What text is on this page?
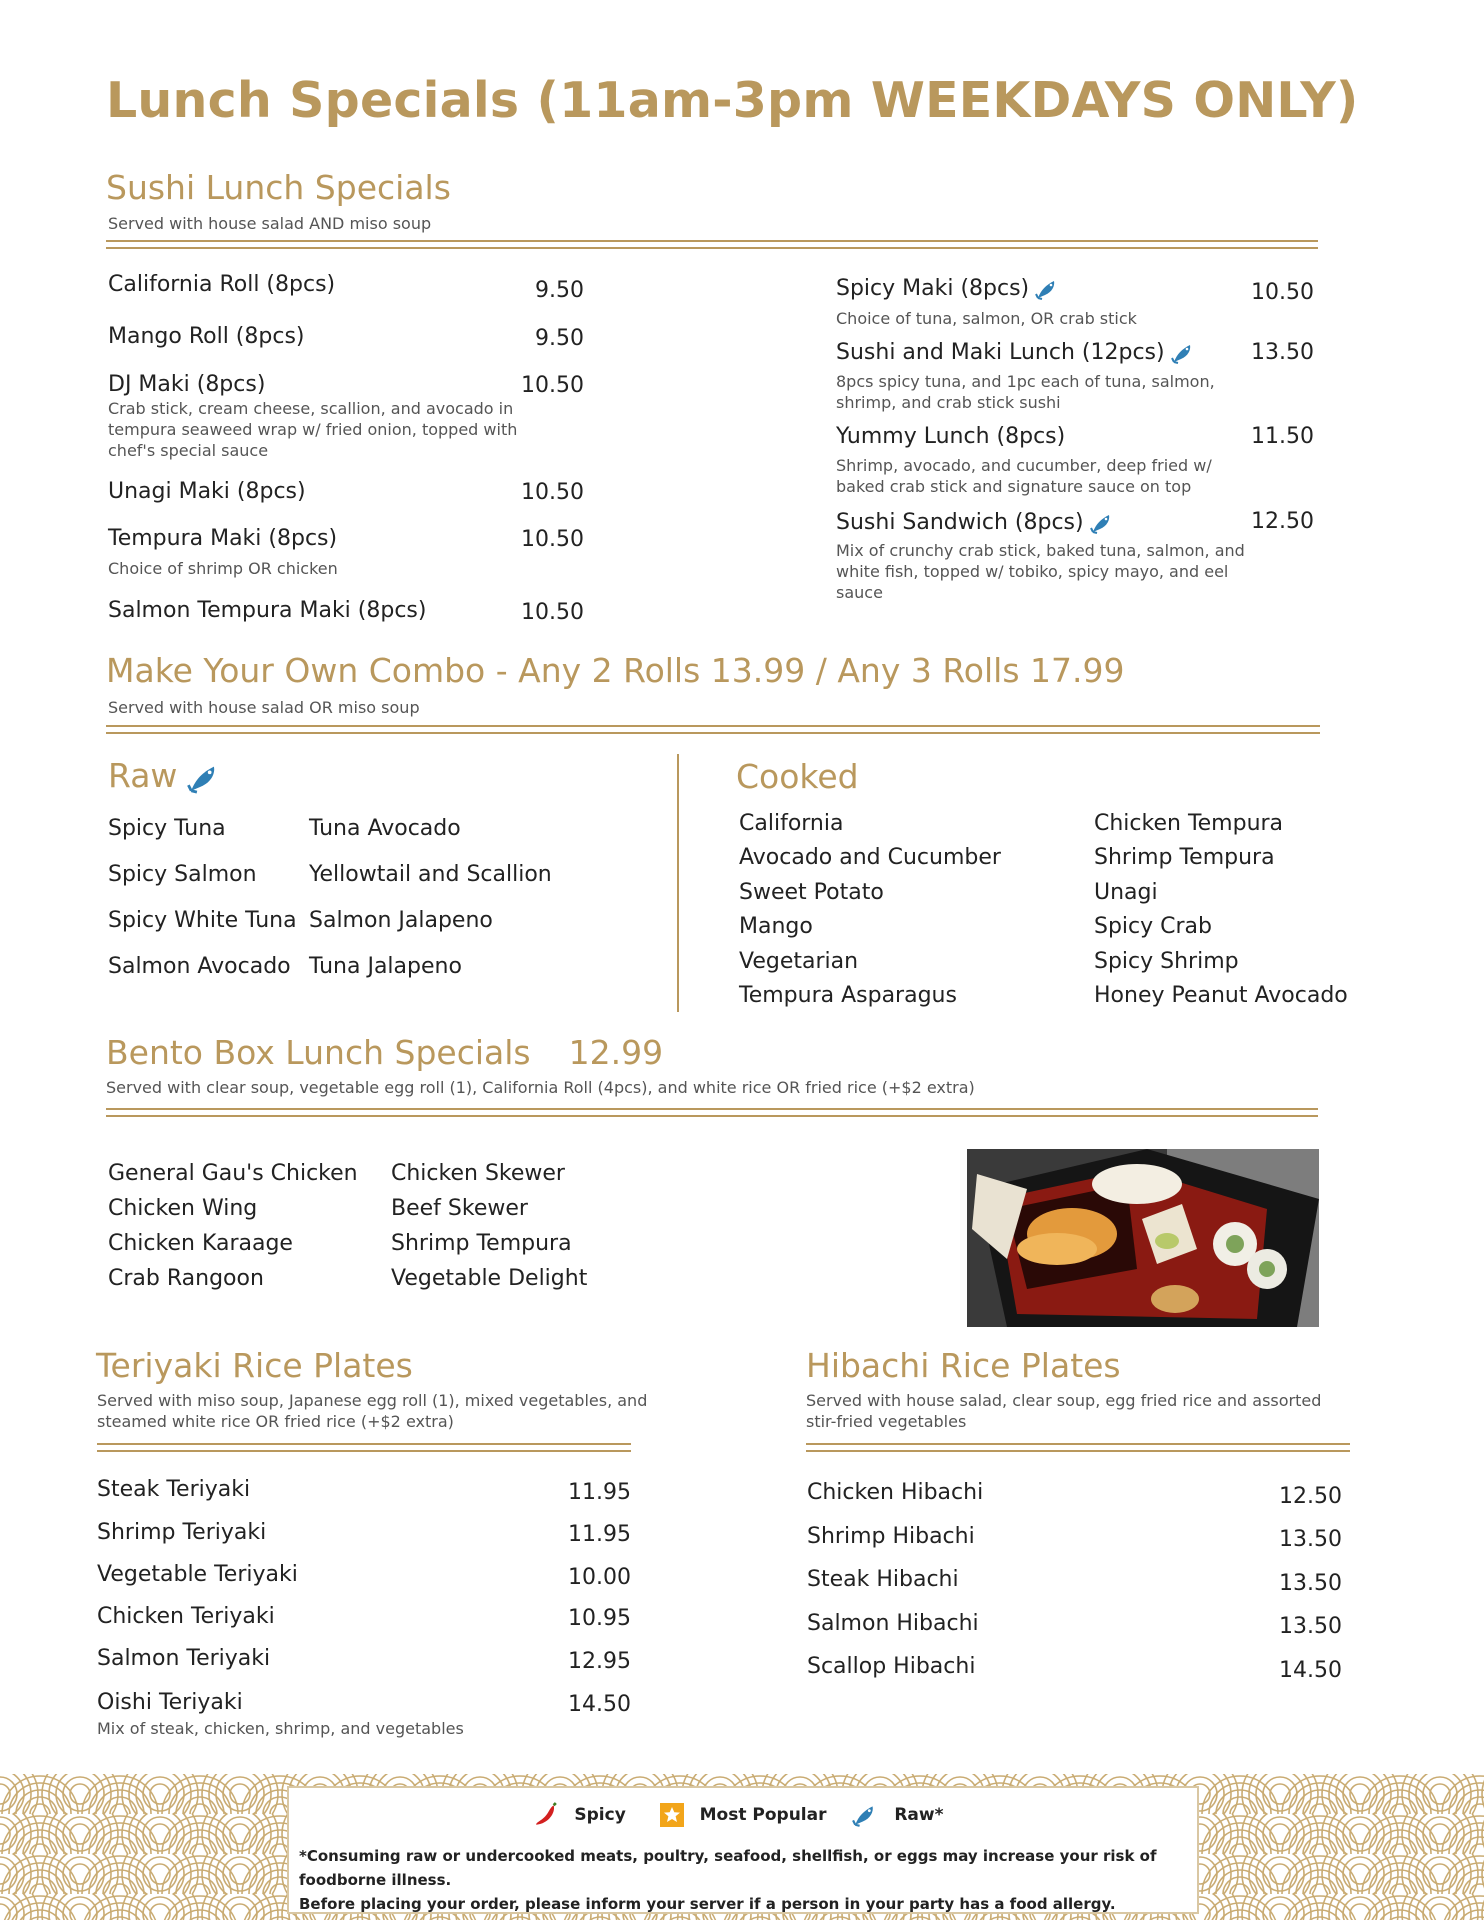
Lunch Specials (11am-3pm WEEKDAYS ONLY)
Sushi Lunch Specials
Served with house salad AND miso soup
California Roll (8pcs)	9.50
Mango Roll (8pcs)	9.50
DJ Maki (8pcs)	10.50
Crab stick, cream cheese, scallion, and avocado in tempura seaweed wrap w/ fried onion, topped with chef's special sauce
Unagi Maki (8pcs)	10.50
Tempura Maki (8pcs)	10.50
Choice of shrimp OR chicken
Salmon Tempura Maki (8pcs)	10.50
Spicy Maki (8pcs)	10.50
Choice of tuna, salmon, OR crab stick
Sushi and Maki Lunch (12pcs)	13.50
8pcs spicy tuna, and 1pc each of tuna, salmon, shrimp, and crab stick sushi
Yummy Lunch (8pcs)	11.50
Shrimp, avocado, and cucumber, deep fried w/ baked crab stick and signature sauce on top
Sushi Sandwich (8pcs)	12.50
Mix of crunchy crab stick, baked tuna, salmon, and white fish, topped w/ tobiko, spicy mayo, and eel sauce
Make Your Own Combo - Any 2 Rolls 13.99 / Any 3 Rolls 17.99
Served with house salad OR miso soup
Raw
Spicy Tuna
Spicy Salmon
Spicy White Tuna
Salmon Avocado
Tuna Avocado
Yellowtail and Scallion
Salmon Jalapeno
Tuna Jalapeno
Cooked
California
Avocado and Cucumber
Sweet Potato
Mango
Vegetarian
Tempura Asparagus
Chicken Tempura
Shrimp Tempura
Unagi
Spicy Crab
Spicy Shrimp
Honey Peanut Avocado
Bento Box Lunch Specials 12.99
Served with clear soup, vegetable egg roll (1), California Roll (4pcs), and white rice OR fried rice (+$2 extra)
General Gau's Chicken
Chicken Wing
Chicken Karaage
Crab Rangoon
Chicken Skewer
Beef Skewer
Shrimp Tempura
Vegetable Delight
Teriyaki Rice Plates
Served with miso soup, Japanese egg roll (1), mixed vegetables, and
steamed white rice OR fried rice (+$2 extra)
Steak Teriyaki	11.95
Shrimp Teriyaki	11.95
Vegetable Teriyaki	10.00
Chicken Teriyaki	10.95
Salmon Teriyaki	12.95
Oishi Teriyaki	14.50
Mix of steak, chicken, shrimp, and vegetables
Hibachi Rice Plates
Served with house salad, clear soup, egg fried rice and assorted
stir-fried vegetables
Chicken Hibachi	12.50
Shrimp Hibachi	13.50
Steak Hibachi	13.50
Salmon Hibachi	13.50
Scallop Hibachi	14.50
Spicy	Most Popular	Raw*
*Consuming raw or undercooked meats, poultry, seafood, shellfish, or eggs may increase your risk of foodborne illness.
Before placing your order, please inform your server if a person in your party has a food allergy.
